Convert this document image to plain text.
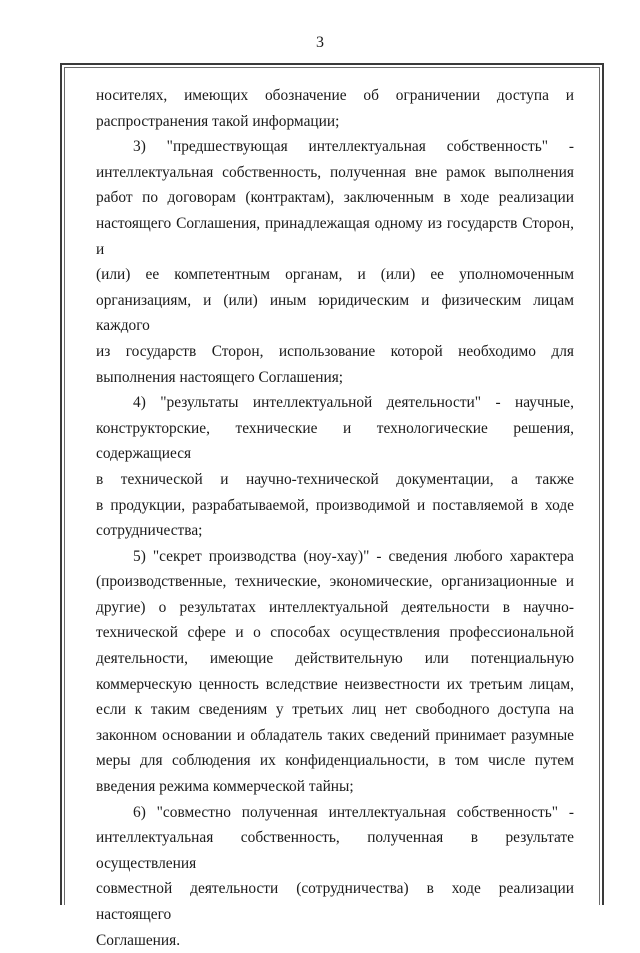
3
носителях, имеющих обозначение об ограничении доступа и
распространения такой информации;
3) "предшествующая интеллектуальная собственность" -
интеллектуальная собственность, полученная вне рамок выполнения
работ по договорам (контрактам), заключенным в ходе реализации
настоящего Соглашения, принадлежащая одному из государств Сторон, и
(или) ее компетентным органам, и (или) ее уполномоченным
организациям, и (или) иным юридическим и физическим лицам каждого
из государств Сторон, использование которой необходимо для
выполнения настоящего Соглашения;
4) "результаты интеллектуальной деятельности" - научные,
конструкторские, технические и технологические решения, содержащиеся
в технической и научно-технической документации, а также
в продукции, разрабатываемой, производимой и поставляемой в ходе
сотрудничества;
5) "секрет производства (ноу-хау)" - сведения любого характера
(производственные, технические, экономические, организационные и
другие) о результатах интеллектуальной деятельности в научно-
технической сфере и о способах осуществления профессиональной
деятельности, имеющие действительную или потенциальную
коммерческую ценность вследствие неизвестности их третьим лицам,
если к таким сведениям у третьих лиц нет свободного доступа на
законном основании и обладатель таких сведений принимает разумные
меры для соблюдения их конфиденциальности, в том числе путем
введения режима коммерческой тайны;
6) "совместно полученная интеллектуальная собственность" -
интеллектуальная собственность, полученная в результате осуществления
совместной деятельности (сотрудничества) в ходе реализации настоящего
Соглашения.
